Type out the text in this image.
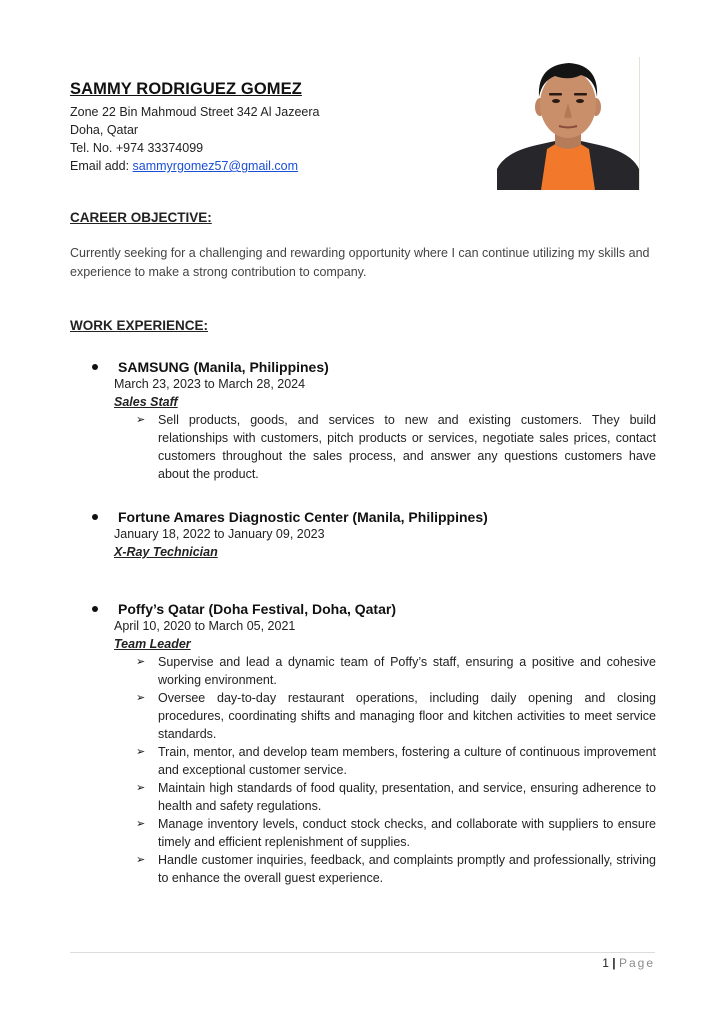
SAMMY RODRIGUEZ GOMEZ
Zone 22 Bin Mahmoud Street 342 Al Jazeera
Doha, Qatar
Tel. No. +974 33374099
Email add: sammyrgomez57@gmail.com
CAREER OBJECTIVE:
Currently seeking for a challenging and rewarding opportunity where I can continue utilizing my skills and experience to make a strong contribution to company.
WORK EXPERIENCE:
SAMSUNG (Manila, Philippines)
March 23, 2023 to March 28, 2024
Sales Staff
➢ Sell products, goods, and services to new and existing customers. They build relationships with customers, pitch products or services, negotiate sales prices, contact customers throughout the sales process, and answer any questions customers have about the product.
Fortune Amares Diagnostic Center (Manila, Philippines)
January 18, 2022 to January 09, 2023
X-Ray Technician
Poffy’s Qatar (Doha Festival, Doha, Qatar)
April 10, 2020 to March 05, 2021
Team Leader
➢ Supervise and lead a dynamic team of Poffy’s staff, ensuring a positive and cohesive working environment.
➢ Oversee day-to-day restaurant operations, including daily opening and closing procedures, coordinating shifts and managing floor and kitchen activities to meet service standards.
➢ Train, mentor, and develop team members, fostering a culture of continuous improvement and exceptional customer service.
➢ Maintain high standards of food quality, presentation, and service, ensuring adherence to health and safety regulations.
➢ Manage inventory levels, conduct stock checks, and collaborate with suppliers to ensure timely and efficient replenishment of supplies.
➢ Handle customer inquiries, feedback, and complaints promptly and professionally, striving to enhance the overall guest experience.
1 | Page
